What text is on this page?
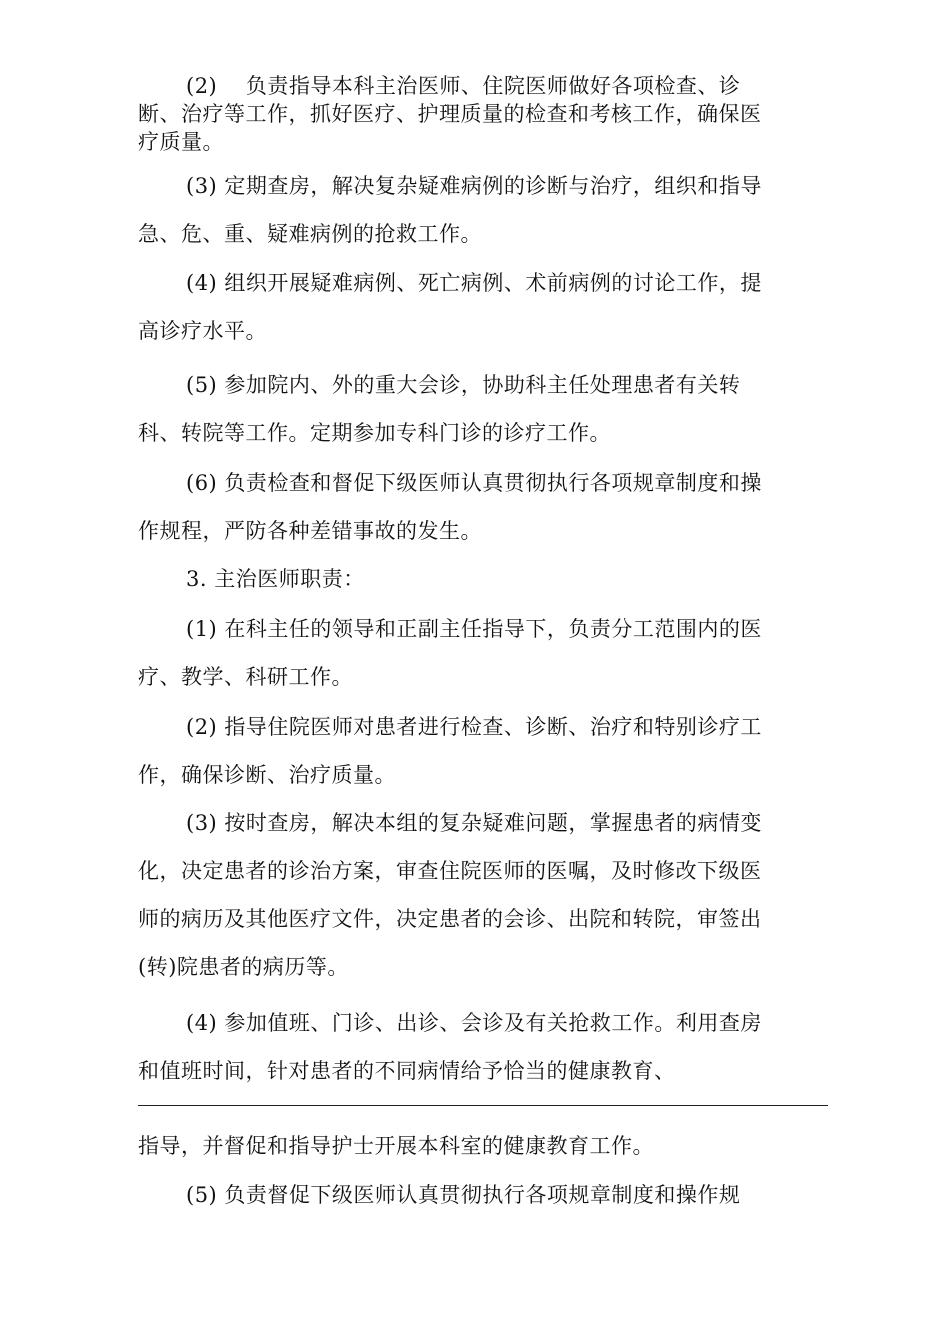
(2)　 负责指导本科主治医师、住院医师做好各项检查、诊
断、治疗等工作，抓好医疗、护理质量的检查和考核工作，确保医
疗质量。
(3) 定期查房，解决复杂疑难病例的诊断与治疗，组织和指导
急、危、重、疑难病例的抢救工作。
(4) 组织开展疑难病例、死亡病例、术前病例的讨论工作，提
高诊疗水平。
(5) 参加院内、外的重大会诊，协助科主任处理患者有关转
科、转院等工作。定期参加专科门诊的诊疗工作。
(6) 负责检查和督促下级医师认真贯彻执行各项规章制度和操
作规程，严防各种差错事故的发生。
3. 主治医师职责：
(1) 在科主任的领导和正副主任指导下，负责分工范围内的医
疗、教学、科研工作。
(2) 指导住院医师对患者进行检查、诊断、治疗和特别诊疗工
作，确保诊断、治疗质量。
(3) 按时查房，解决本组的复杂疑难问题，掌握患者的病情变
化，决定患者的诊治方案，审查住院医师的医嘱，及时修改下级医
师的病历及其他医疗文件，决定患者的会诊、出院和转院，审签出
(转)院患者的病历等。
(4) 参加值班、门诊、出诊、会诊及有关抢救工作。利用查房
和值班时间，针对患者的不同病情给予恰当的健康教育、
指导，并督促和指导护士开展本科室的健康教育工作。
(5) 负责督促下级医师认真贯彻执行各项规章制度和操作规
